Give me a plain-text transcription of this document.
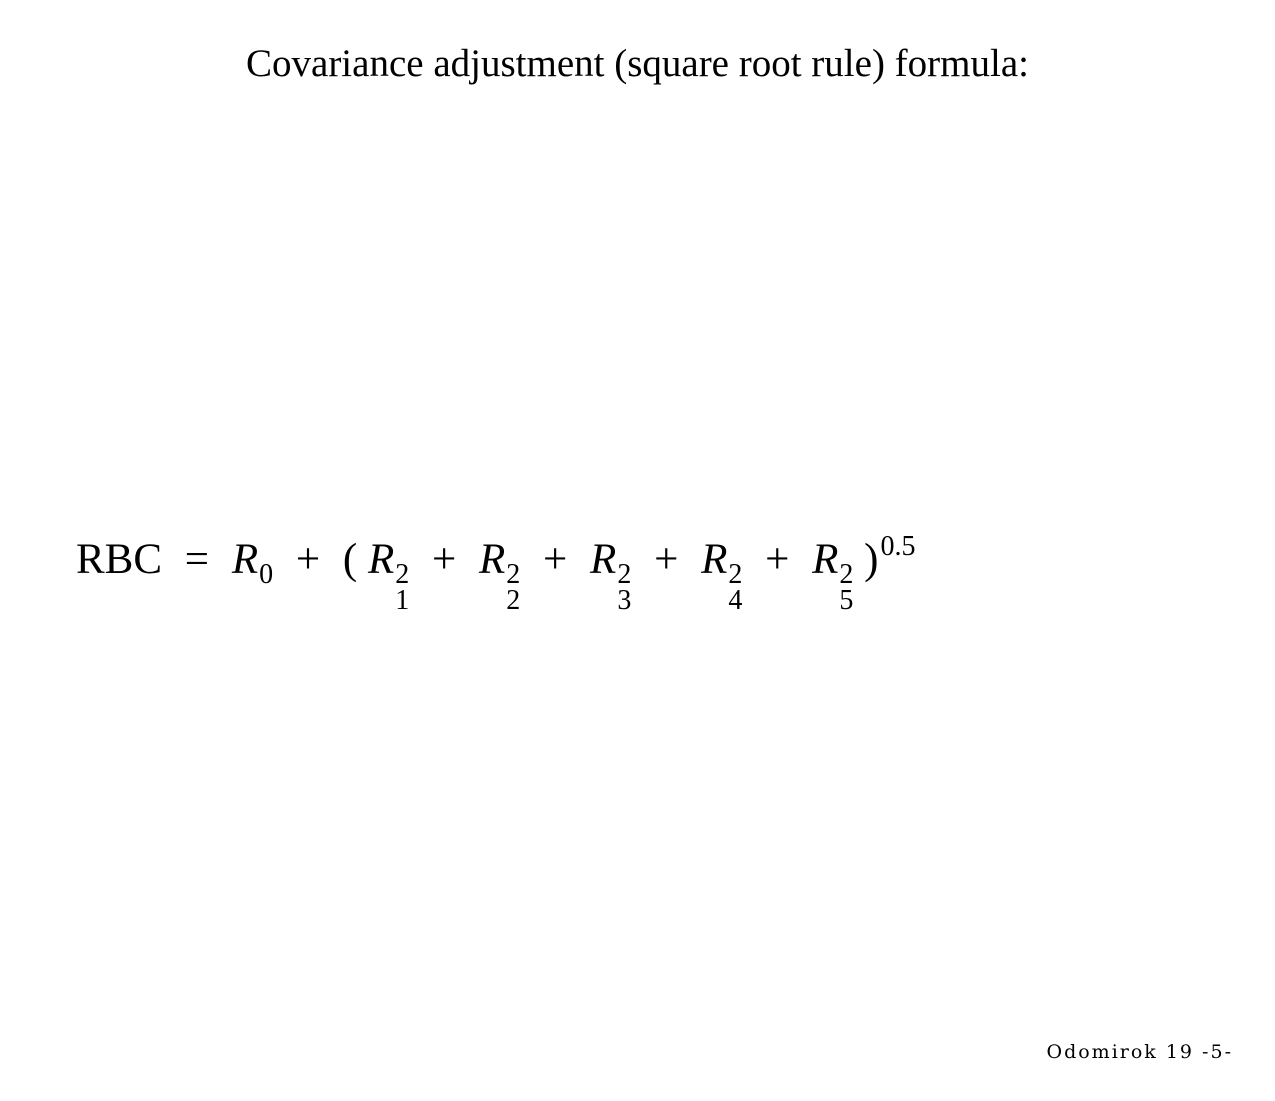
Covariance adjustment (square root rule) formula:
RBC = R0 + ( R 2
1
+ R 2
2
+ R 2
3
+ R 2
4
+ R 2
5
)0.5
Odomirok 19 -5-
